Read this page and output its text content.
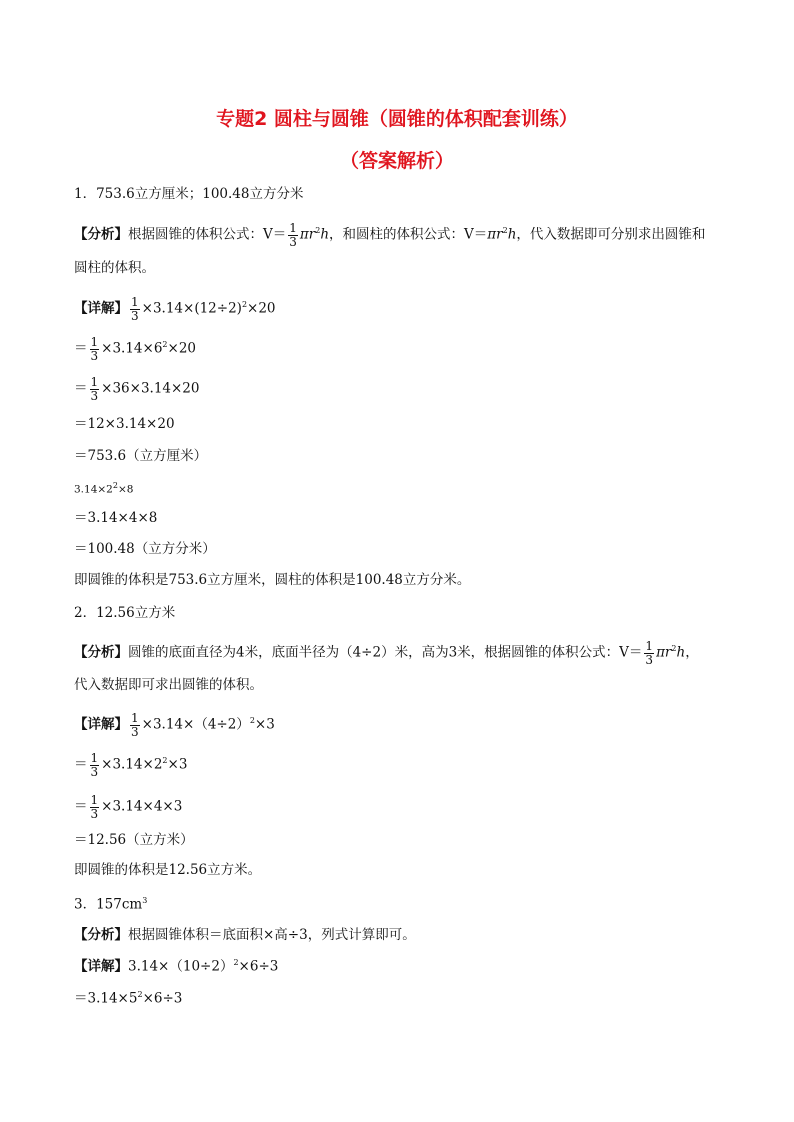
专题2 圆柱与圆锥（圆锥的体积配套训练）
（答案解析）
1．753.6立方厘米；100.48立方分米
【分析】根据圆锥的体积公式：$V= \frac{1}{3} \pi r^2h$，和圆柱的体积公式：$V=\pi r^2h$，代入数据即可分别求出圆锥和
圆柱的体积。
【详解】 $\frac{1}{3} \times 3.14\times(12\div 2)^2\times 20$
＝ $\frac{1}{3} \times 3.14\times 6^2\times 20$
＝ $\frac{1}{3} \times 36\times 3.14\times 20$
＝12×3.14×20
＝753.6（立方厘米）
$3.14\times 2^2\times 8$
＝3.14×4×8
＝100.48（立方分米）
即圆锥的体积是753.6立方厘米，圆柱的体积是100.48立方分米。
2．12.56立方米
【分析】圆锥的底面直径为4米，底面半径为（4÷2）米，高为3米，根据圆锥的体积公式：$V= \frac{1}{3} \pi r^2h$，
代入数据即可求出圆锥的体积。
【详解】 $\frac{1}{3} \times 3.14\times(4\div 2)^2\times 3$
＝ $\frac{1}{3} \times 3.14\times 2^2\times 3$
＝ $\frac{1}{3} \times 3.14\times 4\times 3$
＝12.56（立方米）
即圆锥的体积是12.56立方米。
3．$157cm^3$
【分析】根据圆锥体积＝底面积×高÷3，列式计算即可。
【详解】$3.14\times(10\div 2)^2\times 6\div 3$
$=3.14\times 5^2\times 6\div 3$
